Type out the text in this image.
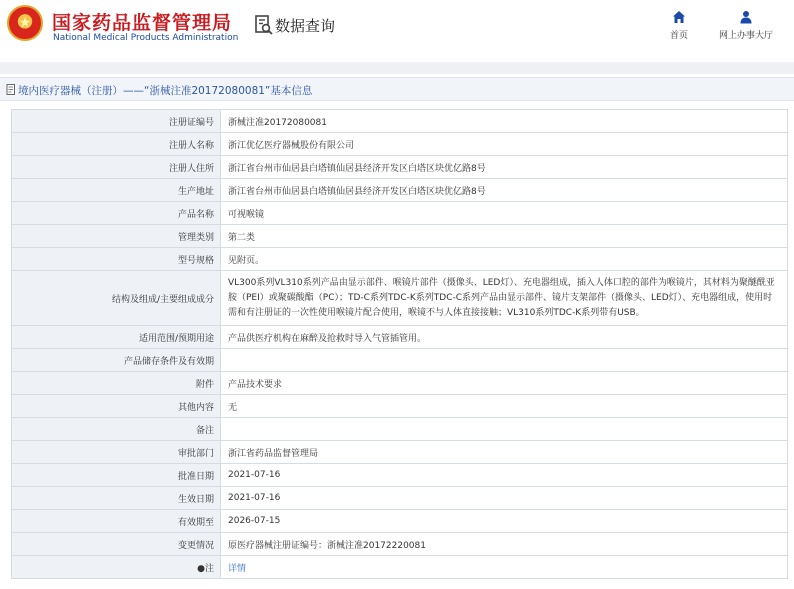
★ 国家药品监督管理局
National Medical Products Administration
数据查询
首页	网上办事大厅
境内医疗器械（注册）——“浙械注准20172080081”基本信息
注册证编号	浙械注准20172080081
注册人名称	浙江优亿医疗器械股份有限公司
注册人住所	浙江省台州市仙居县白塔镇仙居县经济开发区白塔区块优亿路8号
生产地址	浙江省台州市仙居县白塔镇仙居县经济开发区白塔区块优亿路8号
产品名称	可视喉镜
管理类别	第二类
型号规格	见附页。
结构及组成/主要组成成分	VL300系列VL310系列产品由显示部件、喉镜片部件（摄像头、LED灯）、充电器组成，插入人体口腔的部件为喉镜片，其材料为聚醚酰亚胺（PEI）或聚碳酸酯（PC）；TD-C系列TDC-K系列TDC-C系列产品由显示部件、镜片支架部件（摄像头、LED灯）、充电器组成，使用时需和有注册证的一次性使用喉镜片配合使用，喉镜不与人体直接接触；VL310系列TDC-K系列带有USB。
适用范围/预期用途	产品供医疗机构在麻醉及抢救时导入气管插管用。
产品储存条件及有效期	
附件	产品技术要求
其他内容	无
备注	
审批部门	浙江省药品监督管理局
批准日期	2021-07-16
生效日期	2021-07-16
有效期至	2026-07-15
变更情况	原医疗器械注册证编号：浙械注准20172220081
●注	详情
